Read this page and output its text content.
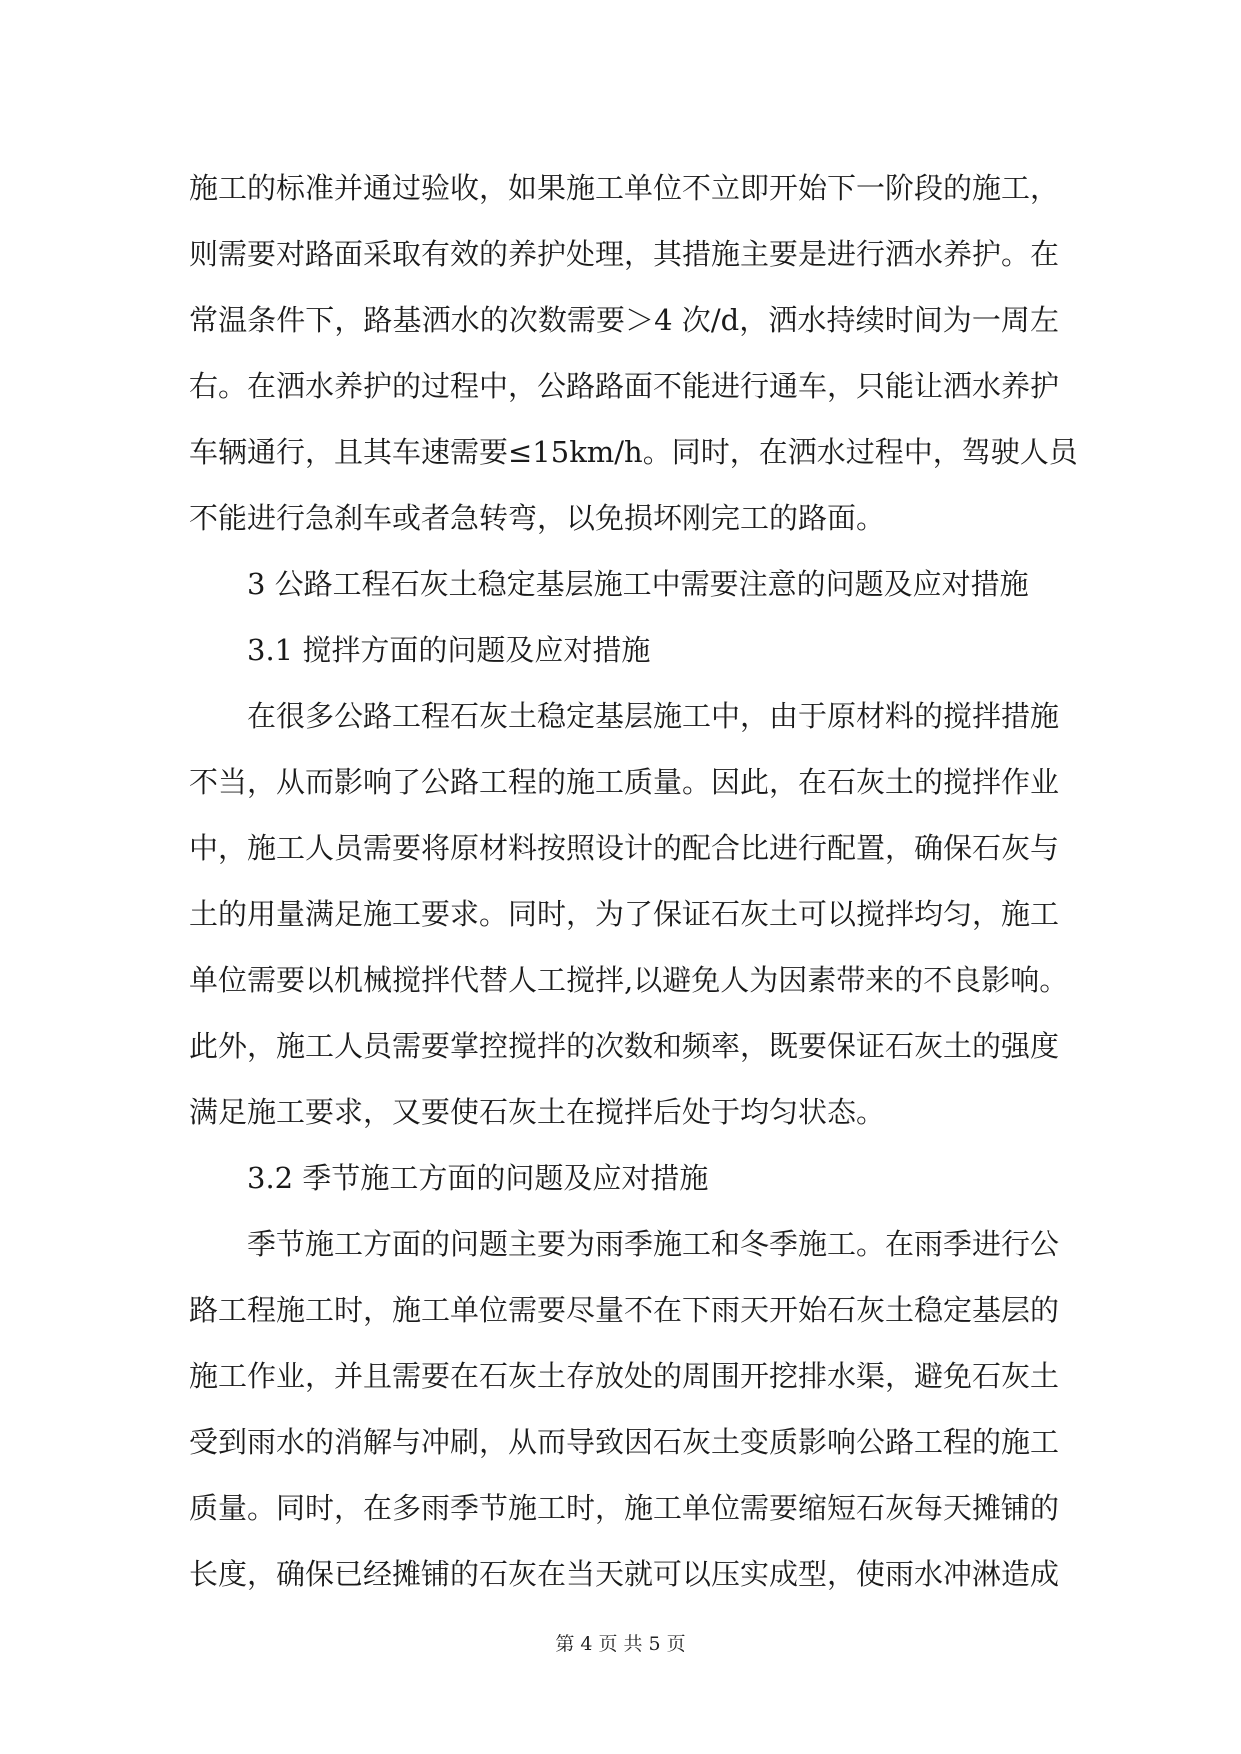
施工的标准并通过验收，如果施工单位不立即开始下一阶段的施工，
则需要对路面采取有效的养护处理，其措施主要是进行洒水养护。在
常温条件下，路基洒水的次数需要＞4 次/d，洒水持续时间为一周左
右。在洒水养护的过程中，公路路面不能进行通车，只能让洒水养护
车辆通行，且其车速需要≤15km/h。同时，在洒水过程中，驾驶人员
不能进行急刹车或者急转弯，以免损坏刚完工的路面。
3 公路工程石灰土稳定基层施工中需要注意的问题及应对措施
3.1 搅拌方面的问题及应对措施
在很多公路工程石灰土稳定基层施工中，由于原材料的搅拌措施
不当，从而影响了公路工程的施工质量。因此，在石灰土的搅拌作业
中，施工人员需要将原材料按照设计的配合比进行配置，确保石灰与
土的用量满足施工要求。同时，为了保证石灰土可以搅拌均匀，施工
单位需要以机械搅拌代替人工搅拌,以避免人为因素带来的不良影响。
此外，施工人员需要掌控搅拌的次数和频率，既要保证石灰土的强度
满足施工要求，又要使石灰土在搅拌后处于均匀状态。
3.2 季节施工方面的问题及应对措施
季节施工方面的问题主要为雨季施工和冬季施工。在雨季进行公
路工程施工时，施工单位需要尽量不在下雨天开始石灰土稳定基层的
施工作业，并且需要在石灰土存放处的周围开挖排水渠，避免石灰土
受到雨水的消解与冲刷，从而导致因石灰土变质影响公路工程的施工
质量。同时，在多雨季节施工时，施工单位需要缩短石灰每天摊铺的
长度，确保已经摊铺的石灰在当天就可以压实成型，使雨水冲淋造成
第 4 页 共 5 页
